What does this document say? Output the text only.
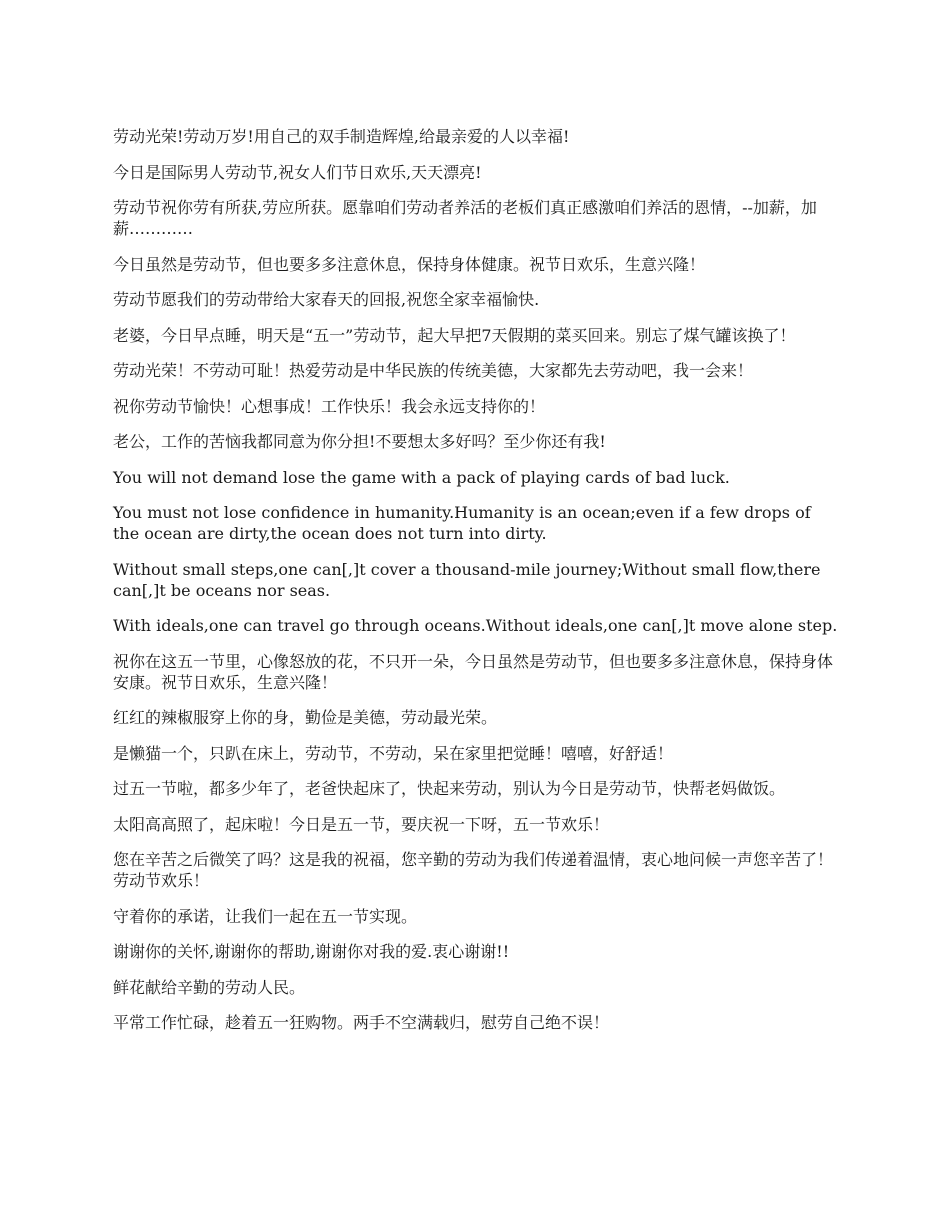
劳动光荣!劳动万岁!用自己的双手制造辉煌,给最亲爱的人以幸福!

今日是国际男人劳动节,祝女人们节日欢乐,天天漂亮!

劳动节祝你劳有所获,劳应所获。愿靠咱们劳动者养活的老板们真正感激咱们养活的恩情，--加薪，加薪…………

今日虽然是劳动节，但也要多多注意休息，保持身体健康。祝节日欢乐，生意兴隆！

劳动节愿我们的劳动带给大家春天的回报,祝您全家幸福愉快.

老婆，今日早点睡，明天是“五一”劳动节，起大早把7天假期的菜买回来。别忘了煤气罐该换了！

劳动光荣！不劳动可耻！热爱劳动是中华民族的传统美德，大家都先去劳动吧，我一会来！

祝你劳动节愉快！心想事成！工作快乐！我会永远支持你的！

老公，工作的苦恼我都同意为你分担!不要想太多好吗？至少你还有我!

You will not demand lose the game with a pack of playing cards of bad luck.

You must not lose confidence in humanity.Humanity is an ocean;even if a few drops of the ocean are dirty,the ocean does not turn into dirty.

Without small steps,one can[,]t cover a thousand-mile journey;Without small flow,there can[,]t be oceans nor seas.

With ideals,one can travel go through oceans.Without ideals,one can[,]t move alone step.

祝你在这五一节里，心像怒放的花，不只开一朵，今日虽然是劳动节，但也要多多注意休息，保持身体安康。祝节日欢乐，生意兴隆！

红红的辣椒服穿上你的身，勤俭是美德，劳动最光荣。

是懒猫一个，只趴在床上，劳动节，不劳动，呆在家里把觉睡！嘻嘻，好舒适！

过五一节啦，都多少年了，老爸快起床了，快起来劳动，别认为今日是劳动节，快帮老妈做饭。

太阳高高照了，起床啦！今日是五一节，要庆祝一下呀，五一节欢乐！

您在辛苦之后微笑了吗？这是我的祝福，您辛勤的劳动为我们传递着温情，衷心地问候一声您辛苦了！劳动节欢乐！

守着你的承诺，让我们一起在五一节实现。

谢谢你的关怀,谢谢你的帮助,谢谢你对我的爱.衷心谢谢!!

鲜花献给辛勤的劳动人民。

平常工作忙碌，趁着五一狂购物。两手不空满载归，慰劳自己绝不误！
